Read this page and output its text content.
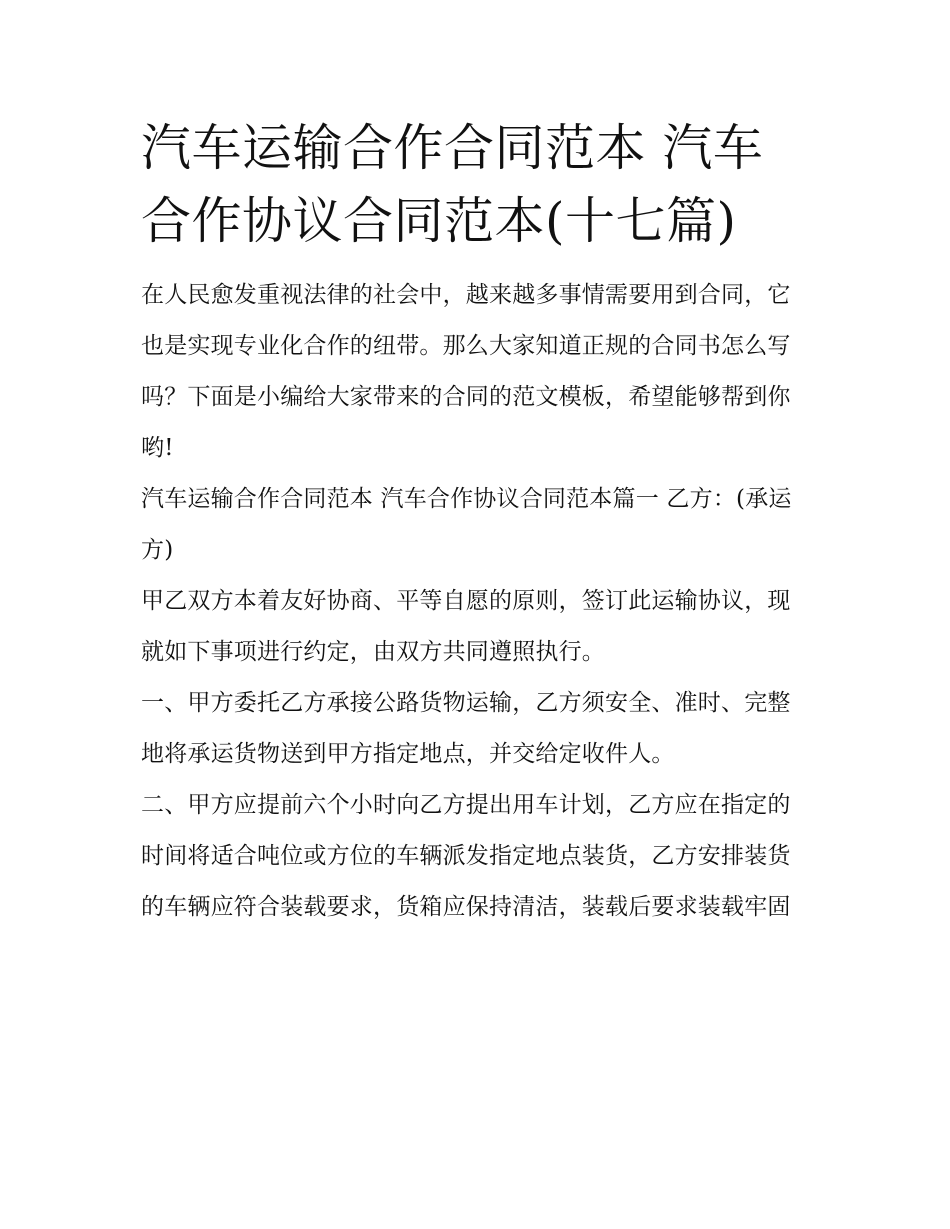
汽车运输合作合同范本 汽车合作协议合同范本(十七篇)

在人民愈发重视法律的社会中，越来越多事情需要用到合同，它也是实现专业化合作的纽带。那么大家知道正规的合同书怎么写吗？下面是小编给大家带来的合同的范文模板，希望能够帮到你哟!

汽车运输合作合同范本 汽车合作协议合同范本篇一 乙方：(承运方)

甲乙双方本着友好协商、平等自愿的原则，签订此运输协议，现就如下事项进行约定，由双方共同遵照执行。

一、甲方委托乙方承接公路货物运输，乙方须安全、准时、完整地将承运货物送到甲方指定地点，并交给定收件人。

二、甲方应提前六个小时向乙方提出用车计划，乙方应在指定的时间将适合吨位或方位的车辆派发指定地点装货，乙方安排装货的车辆应符合装载要求，货箱应保持清洁，装载后要求装载牢固
